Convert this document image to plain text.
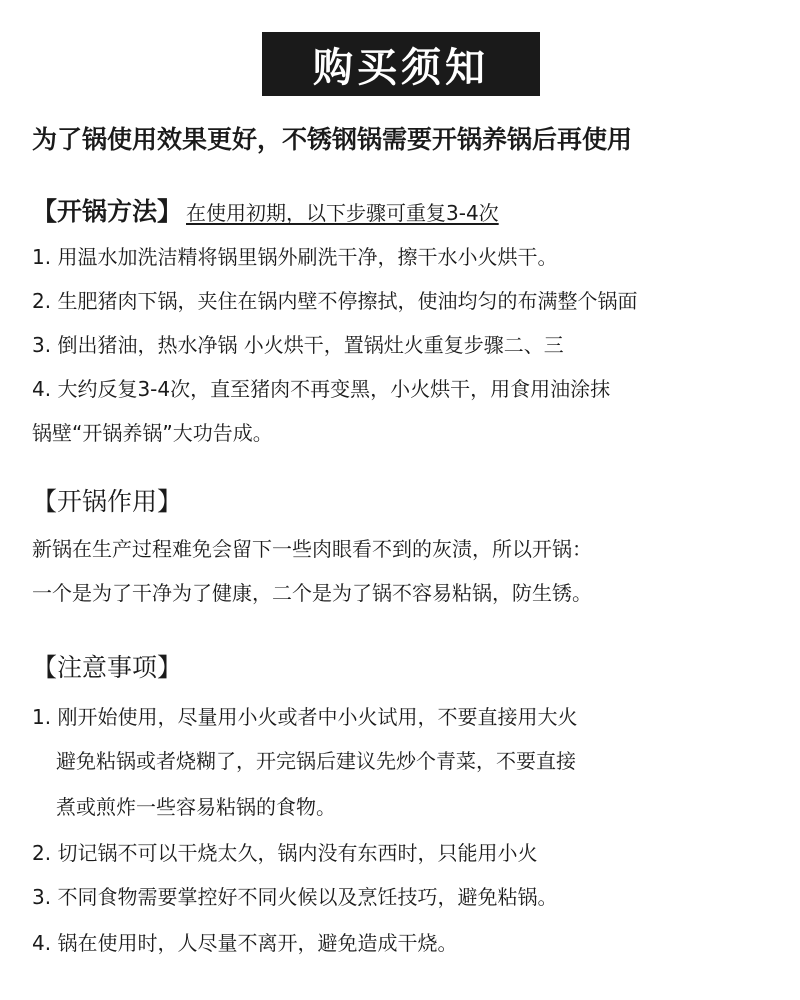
购买须知
为了锅使用效果更好，不锈钢锅需要开锅养锅后再使用
【开锅方法】 在使用初期，以下步骤可重复3-4次
1. 用温水加洗洁精将锅里锅外刷洗干净，擦干水小火烘干。
2. 生肥猪肉下锅，夹住在锅内壁不停擦拭，使油均匀的布满整个锅面
3. 倒出猪油，热水净锅 小火烘干，置锅灶火重复步骤二、三
4. 大约反复3-4次，直至猪肉不再变黑，小火烘干，用食用油涂抹
锅壁“开锅养锅”大功告成。
【开锅作用】
新锅在生产过程难免会留下一些肉眼看不到的灰渍，所以开锅：
一个是为了干净为了健康，二个是为了锅不容易粘锅，防生锈。
【注意事项】
1. 刚开始使用，尽量用小火或者中小火试用，不要直接用大火
避免粘锅或者烧糊了，开完锅后建议先炒个青菜，不要直接
煮或煎炸一些容易粘锅的食物。
2. 切记锅不可以干烧太久，锅内没有东西时，只能用小火
3. 不同食物需要掌控好不同火候以及烹饪技巧，避免粘锅。
4. 锅在使用时，人尽量不离开，避免造成干烧。
